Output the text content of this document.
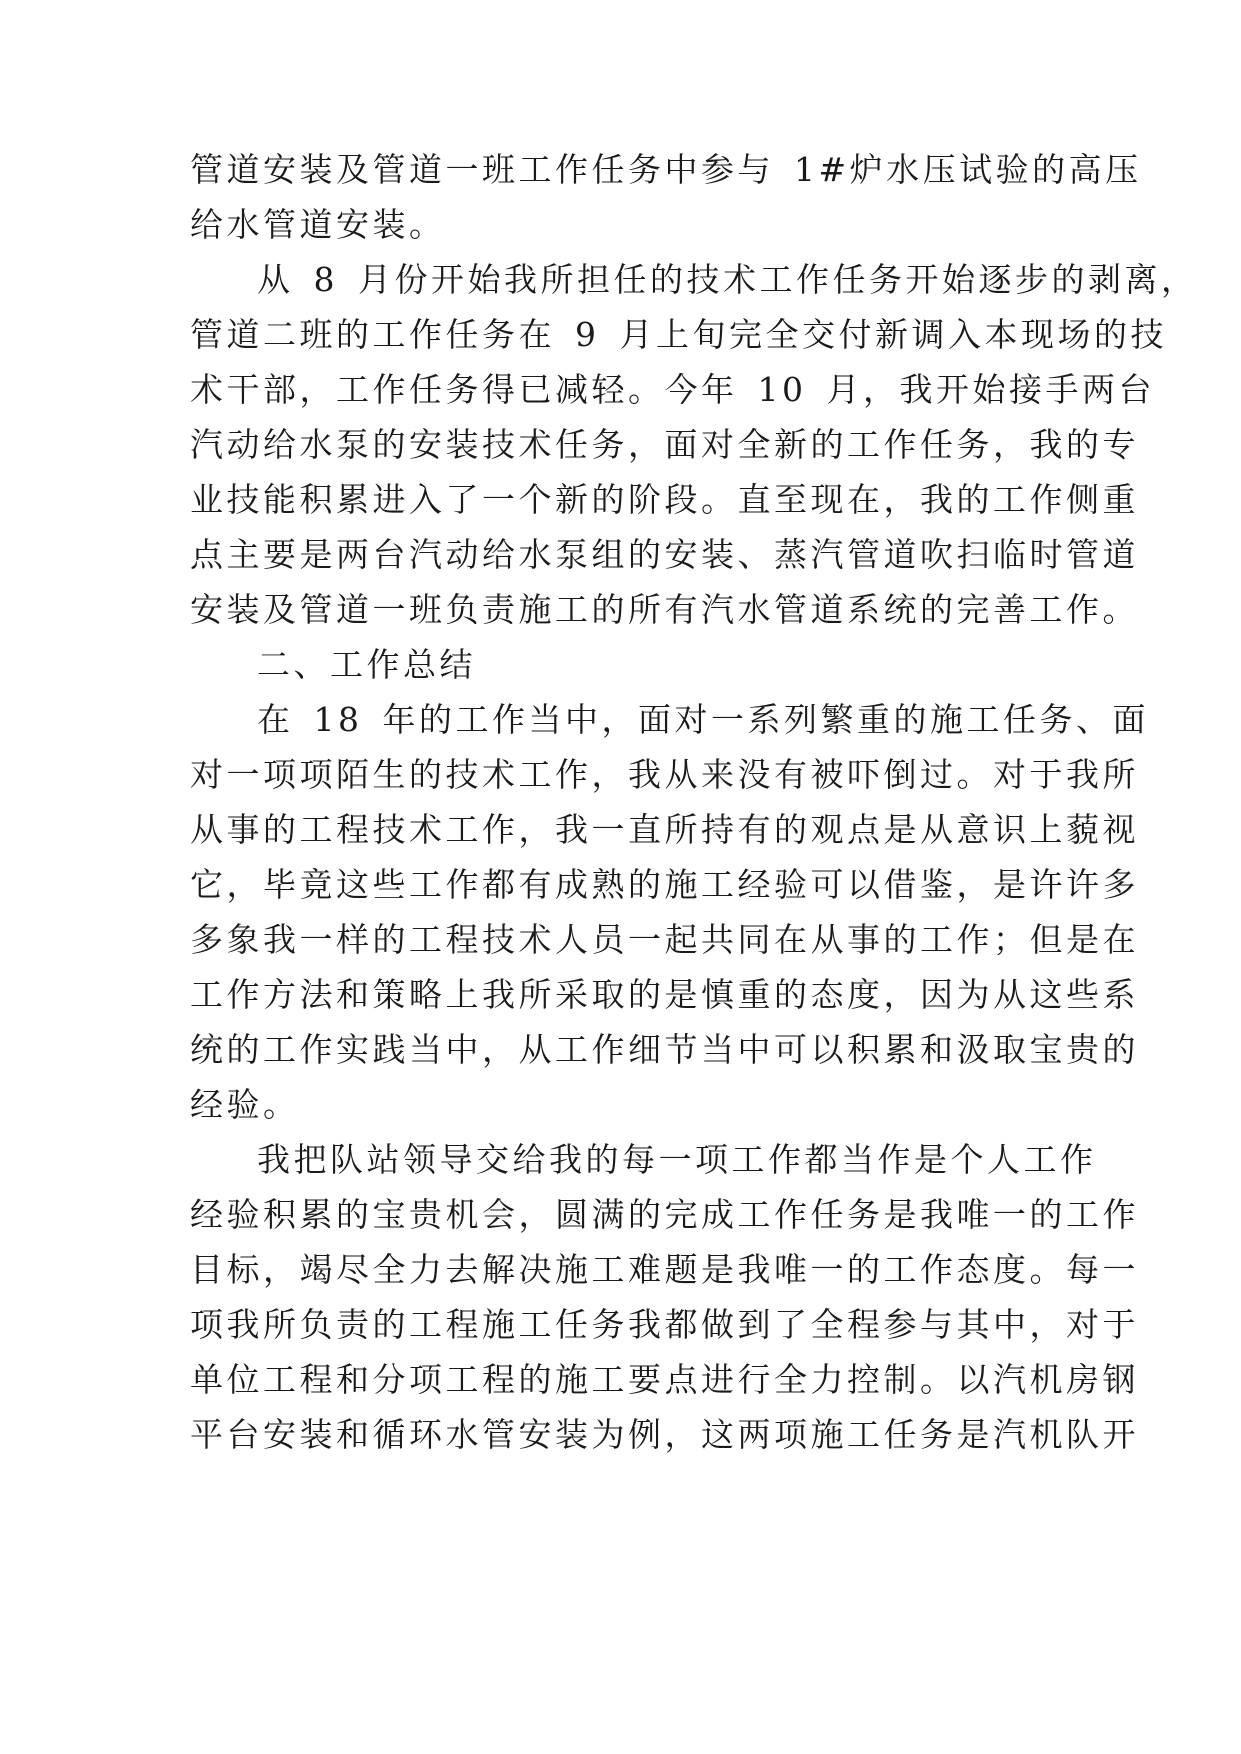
管道安装及管道一班工作任务中参与 1#炉水压试验的高压
给水管道安装。
从 8 月份开始我所担任的技术工作任务开始逐步的剥离，
管道二班的工作任务在 9 月上旬完全交付新调入本现场的技
术干部，工作任务得已减轻。今年 10 月，我开始接手两台
汽动给水泵的安装技术任务，面对全新的工作任务，我的专
业技能积累进入了一个新的阶段。直至现在，我的工作侧重
点主要是两台汽动给水泵组的安装、蒸汽管道吹扫临时管道
安装及管道一班负责施工的所有汽水管道系统的完善工作。
二、工作总结
在 18 年的工作当中，面对一系列繁重的施工任务、面
对一项项陌生的技术工作，我从来没有被吓倒过。对于我所
从事的工程技术工作，我一直所持有的观点是从意识上藐视
它，毕竟这些工作都有成熟的施工经验可以借鉴，是许许多
多象我一样的工程技术人员一起共同在从事的工作；但是在
工作方法和策略上我所采取的是慎重的态度，因为从这些系
统的工作实践当中，从工作细节当中可以积累和汲取宝贵的
经验。
我把队站领导交给我的每一项工作都当作是个人工作
经验积累的宝贵机会，圆满的完成工作任务是我唯一的工作
目标，竭尽全力去解决施工难题是我唯一的工作态度。每一
项我所负责的工程施工任务我都做到了全程参与其中，对于
单位工程和分项工程的施工要点进行全力控制。以汽机房钢
平台安装和循环水管安装为例，这两项施工任务是汽机队开
